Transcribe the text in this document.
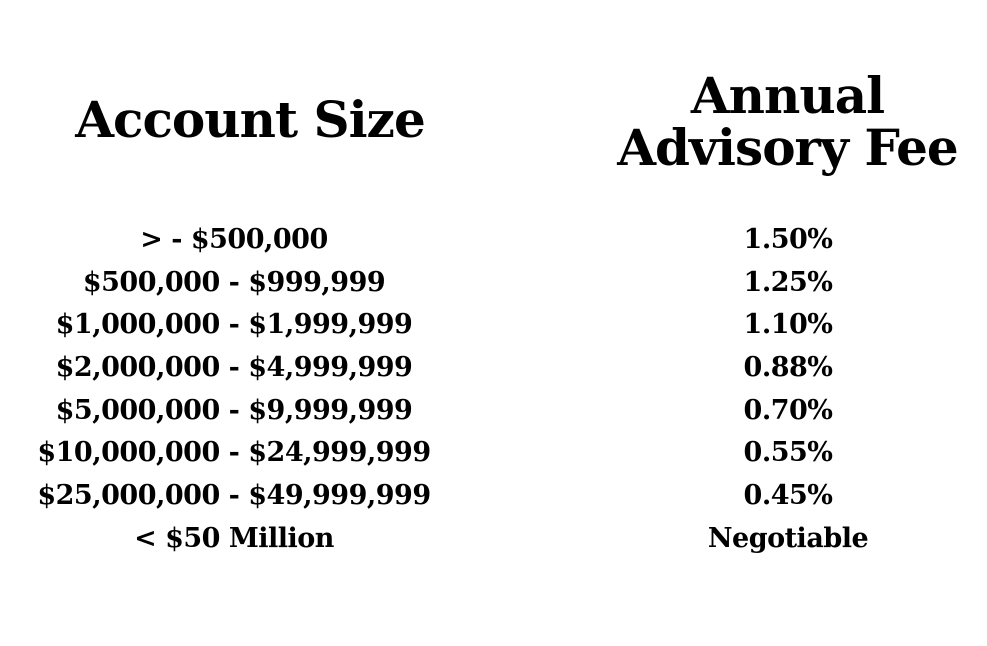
Account Size	Annual
Advisory Fee
> - $500,000	1.50%
$500,000 - $999,999	1.25%
$1,000,000 - $1,999,999	1.10%
$2,000,000 - $4,999,999	0.88%
$5,000,000 - $9,999,999	0.70%
$10,000,000 - $24,999,999	0.55%
$25,000,000 - $49,999,999	0.45%
< $50 Million	Negotiable
